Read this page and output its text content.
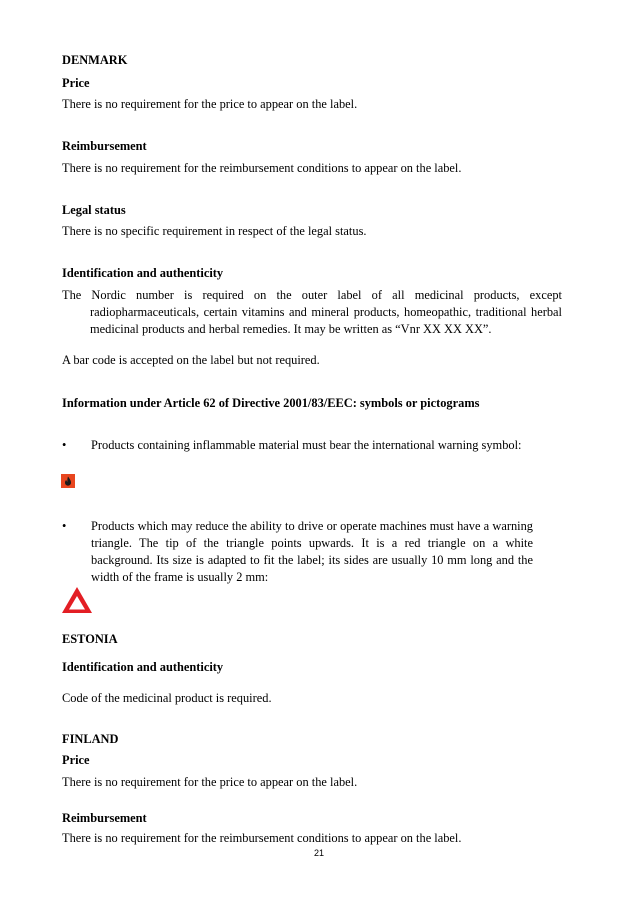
DENMARK
Price
There is no requirement for the price to appear on the label.
Reimbursement
There is no requirement for the reimbursement conditions to appear on the label.
Legal status
There is no specific requirement in respect of the legal status.
Identification and authenticity
The Nordic number is required on the outer label of all medicinal products, except radiopharmaceuticals, certain vitamins and mineral products, homeopathic, traditional herbal medicinal products and herbal remedies. It may be written as “Vnr XX XX XX”.
A bar code is accepted on the label but not required.
Information under Article 62 of Directive 2001/83/EEC: symbols or pictograms
• Products containing inflammable material must bear the international warning symbol:
• Products which may reduce the ability to drive or operate machines must have a warning triangle. The tip of the triangle points upwards. It is a red triangle on a white background. Its size is adapted to fit the label; its sides are usually 10 mm long and the width of the frame is usually 2 mm:
ESTONIA
Identification and authenticity
Code of the medicinal product is required.
FINLAND
Price
There is no requirement for the price to appear on the label.
Reimbursement
There is no requirement for the reimbursement conditions to appear on the label.
21
